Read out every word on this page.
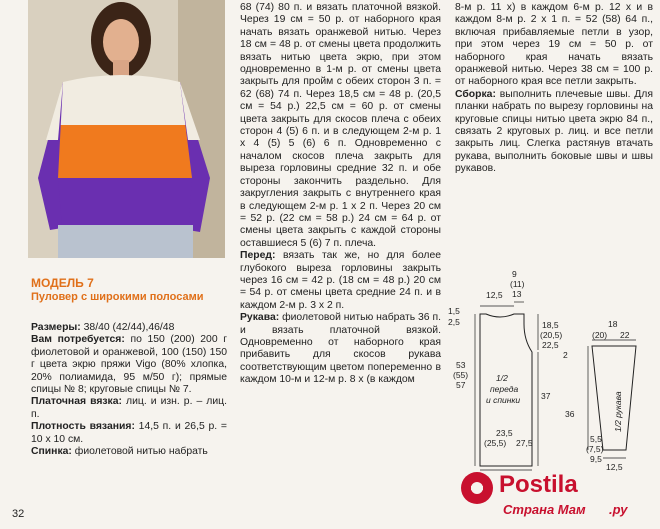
МОДЕЛЬ 7
Пуловер с широкими полосами

Размеры: 38/40 (42/44),46/48

Вам потребуется: по 150 (200) 200 г фиолетовой и оранжевой, 100 (150) 150 г цвета экрю пряжи Vigo (80% хлопка, 20% полиамида, 95 м/50 г); прямые спицы № 8; круговые спицы № 7.

Платочная вязка: лиц. и изн. р. – лиц. п.

Плотность вязания: 14,5 п. и 26,5 р. = 10 x 10 см.

Спинка: фиолетовой нитью набрать

68 (74) 80 п. и вязать платочной вязкой. Через 19 см = 50 р. от наборного края начать вязать оранжевой нитью. Через 18 см = 48 р. от смены цвета продолжить вязать нитью цвета экрю, при этом одновременно в 1-м р. от смены цвета закрыть для пройм с обеих сторон 3 п. = 62 (68) 74 п. Через 18,5 см = 48 р. (20,5 см = 54 р.) 22,5 см = 60 р. от смены цвета закрыть для скосов плеча с обеих сторон 4 (5) 6 п. и в следующем 2-м р. 1 x 4 (5) 5 (6) 6 п. Одновременно с началом скосов плеча закрыть для выреза горловины средние 32 п. и обе стороны закончить раздельно. Для закругления закрыть с внутреннего края в следующем 2-м р. 1 x 2 п. Через 20 см = 52 р. (22 см = 58 р.) 24 см = 64 р. от смены цвета закрыть с каждой стороны оставшиеся 5 (6) 7 п. плеча.

Перед: вязать так же, но для более глубокого выреза горловины закрыть через 16 см = 42 р. (18 см = 48 р.) 20 см = 54 р. от смены цвета средние 24 п. и в каждом 2-м р. 3 x 2 п.

Рукава: фиолетовой нитью набрать 36 п. и вязать платочной вязкой. Одновременно от наборного края прибавить для скосов рукава соответствующим цветом попеременно в каждом 10-м и 12-м р. 8 x (в каждом

8-м р. 11 x) в каждом 6-м р. 12 x и в каждом 8-м р. 2 x 1 п. = 52 (58) 64 п., включая прибавляемые петли в узор, при этом через 19 см = 50 р. от наборного края начать вязать оранжевой нитью. Через 38 см = 100 р. от наборного края все петли закрыть.

Сборка: выполнить плечевые швы. Для планки набрать по вырезу горловины на круговые спицы нитью цвета экрю 84 п., связать 2 круговых р. лиц. и все петли закрыть лиц. Слегка растянув втачать рукава, выполнить боковые швы и швы рукавов.

9
(11)
13
12,5
1,5
2,5	18,5
(20,5)
22,5
53
(55)
57
37
36
2
1/2
переда
и спинки
23,5
(25,5) 27,5
18
(20) 22
1/2 рукава
5,5
(7,5)
9,5
12,5
Postila
Страна Мам .ру
32
